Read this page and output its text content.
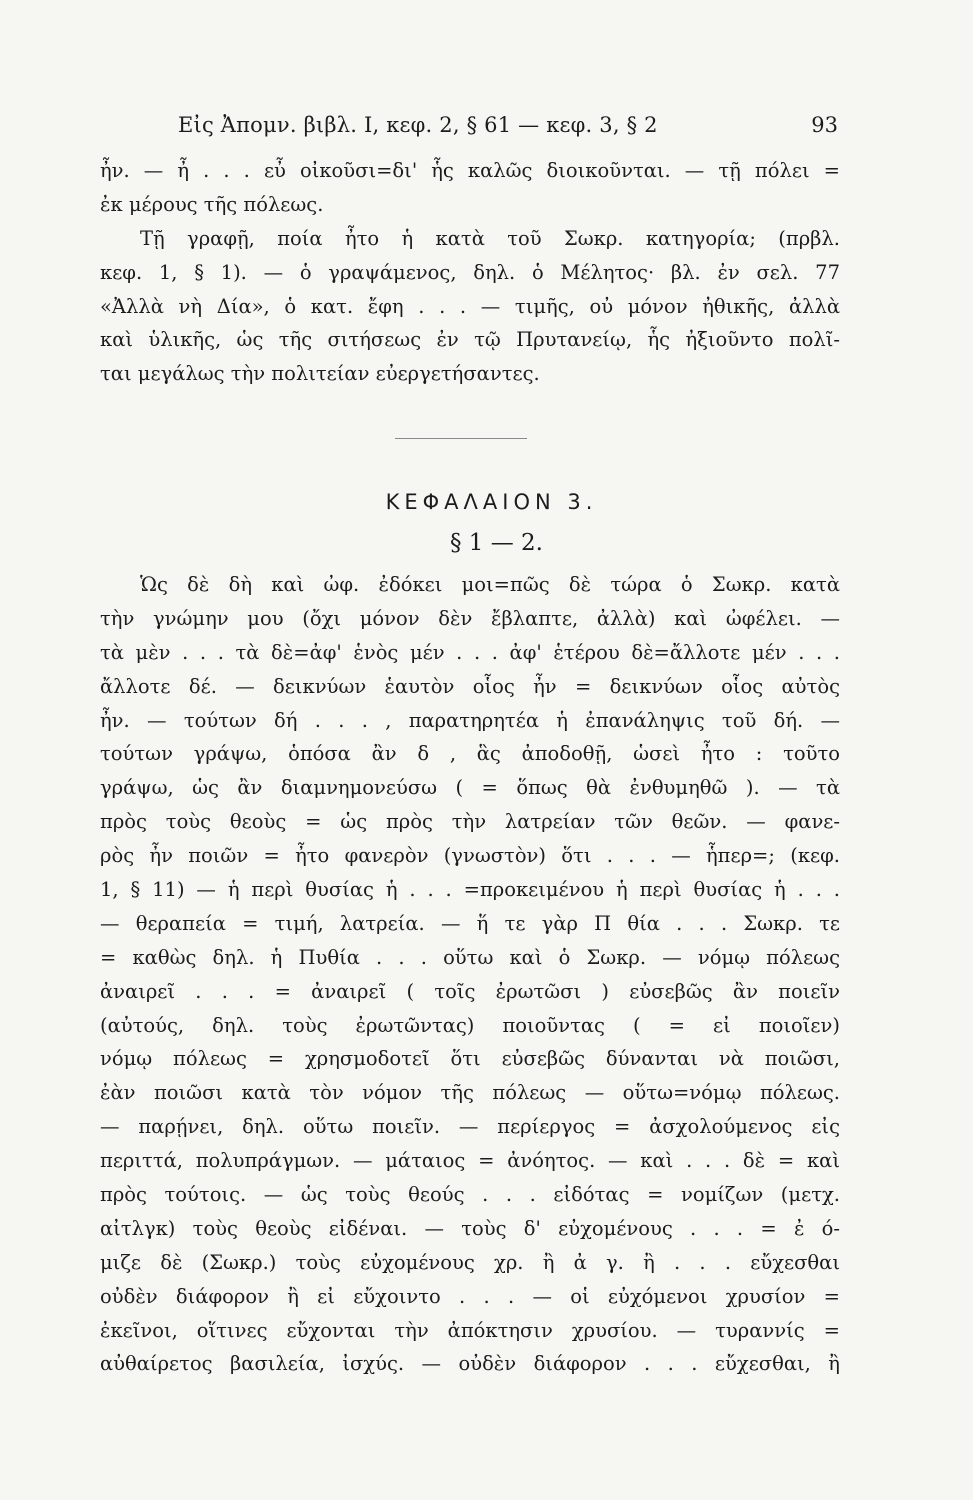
Εἰς Ἀπομν. βιβλ. Ι, κεφ. 2, § 61 — κεφ. 3, § 2	93
ἦν. — ἦ . . . εὖ οἰκοῦσι=δι' ἧς καλῶς διοικοῦνται. — τῇ πόλει =
ἐκ μέρους τῆς πόλεως.
Τῇ γραφῇ, ποία ἦτο ἡ κατὰ τοῦ Σωκρ. κατηγορία; (πρβλ.
κεφ. 1, § 1). — ὁ γραψάμενος, δηλ. ὁ Μέλητος· βλ. ἐν σελ. 77
«Ἀλλὰ νὴ Δία», ὁ κατ. ἔφη . . . — τιμῆς, οὐ μόνον ἠθικῆς, ἀλλὰ
καὶ ὑλικῆς, ὡς τῆς σιτήσεως ἐν τῷ Πρυτανείῳ, ἧς ἠξιοῦντο πολῖ-
ται μεγάλως τὴν πολιτείαν εὐεργετήσαντες.
ΚΕΦΑΛΑΙΟΝ 3.
§ 1 — 2.
Ὡς δὲ δὴ καὶ ὠφ. ἐδόκει μοι=πῶς δὲ τώρα ὁ Σωκρ. κατὰ
τὴν γνώμην μου (ὄχι μόνον δὲν ἔβλαπτε, ἀλλὰ) καὶ ὠφέλει. —
τὰ μὲν . . . τὰ δὲ=ἀφ' ἑνὸς μέν . . . ἀφ' ἑτέρου δὲ=ἄλλοτε μέν . . .
ἄλλοτε δέ. — δεικνύων ἑαυτὸν οἷος ἦν = δεικνύων οἷος αὐτὸς
ἦν. — τούτων δή . . . , παρατηρητέα ἡ ἐπανάληψις τοῦ δή. —
τούτων γράψω, ὁπόσα ἂν δ , ἃς ἀποδοθῇ, ὡσεὶ ἦτο : τοῦτο
γράψω, ὡς ἂν διαμνημονεύσω ( = ὅπως θὰ ἐνθυμηθῶ ). — τὰ
πρὸς τοὺς θεοὺς = ὡς πρὸς τὴν λατρείαν τῶν θεῶν. — φανε-
ρὸς ἦν ποιῶν = ἦτο φανερὸν (γνωστὸν) ὅτι . . . — ἧπερ=; (κεφ.
1, § 11) — ἡ περὶ θυσίας ἡ . . . =προκειμένου ἡ περὶ θυσίας ἡ . . .
— θεραπεία = τιμή, λατρεία. — ἥ τε γὰρ Π θία . . . Σωκρ. τε
= καθὼς δηλ. ἡ Πυθία . . . οὕτω καὶ ὁ Σωκρ. — νόμῳ πόλεως
ἀναιρεῖ . . . = ἀναιρεῖ ( τοῖς ἐρωτῶσι ) εὐσεβῶς ἂν ποιεῖν
(αὐτούς, δηλ. τοὺς ἐρωτῶντας) ποιοῦντας ( = εἰ ποιοῖεν)
νόμῳ πόλεως = χρησμοδοτεῖ ὅτι εὐσεβῶς δύνανται νὰ ποιῶσι,
ἐὰν ποιῶσι κατὰ τὸν νόμον τῆς πόλεως — οὕτω=νόμῳ πόλεως.
— παρῄνει, δηλ. οὕτω ποιεῖν. — περίεργος = ἀσχολούμενος εἰς
περιττά, πολυπράγμων. — μάταιος = ἀνόητος. — καὶ . . . δὲ = καὶ
πρὸς τούτοις. — ὡς τοὺς θεούς . . . εἰδότας = νομίζων (μετχ.
αἰτλγκ) τοὺς θεοὺς εἰδέναι. — τοὺς δ' εὐχομένους . . . = ἐ ό-
μιζε δὲ (Σωκρ.) τοὺς εὐχομένους χρ. ἢ ἀ γ. ἢ . . . εὔχεσθαι
οὐδὲν διάφορον ἢ εἰ εὔχοιντο . . . — οἱ εὐχόμενοι χρυσίον =
ἐκεῖνοι, οἵτινες εὔχονται τὴν ἀπόκτησιν χρυσίου. — τυραννίς =
αὐθαίρετος βασιλεία, ἰσχύς. — οὐδὲν διάφορον . . . εὔχεσθαι, ἢ
